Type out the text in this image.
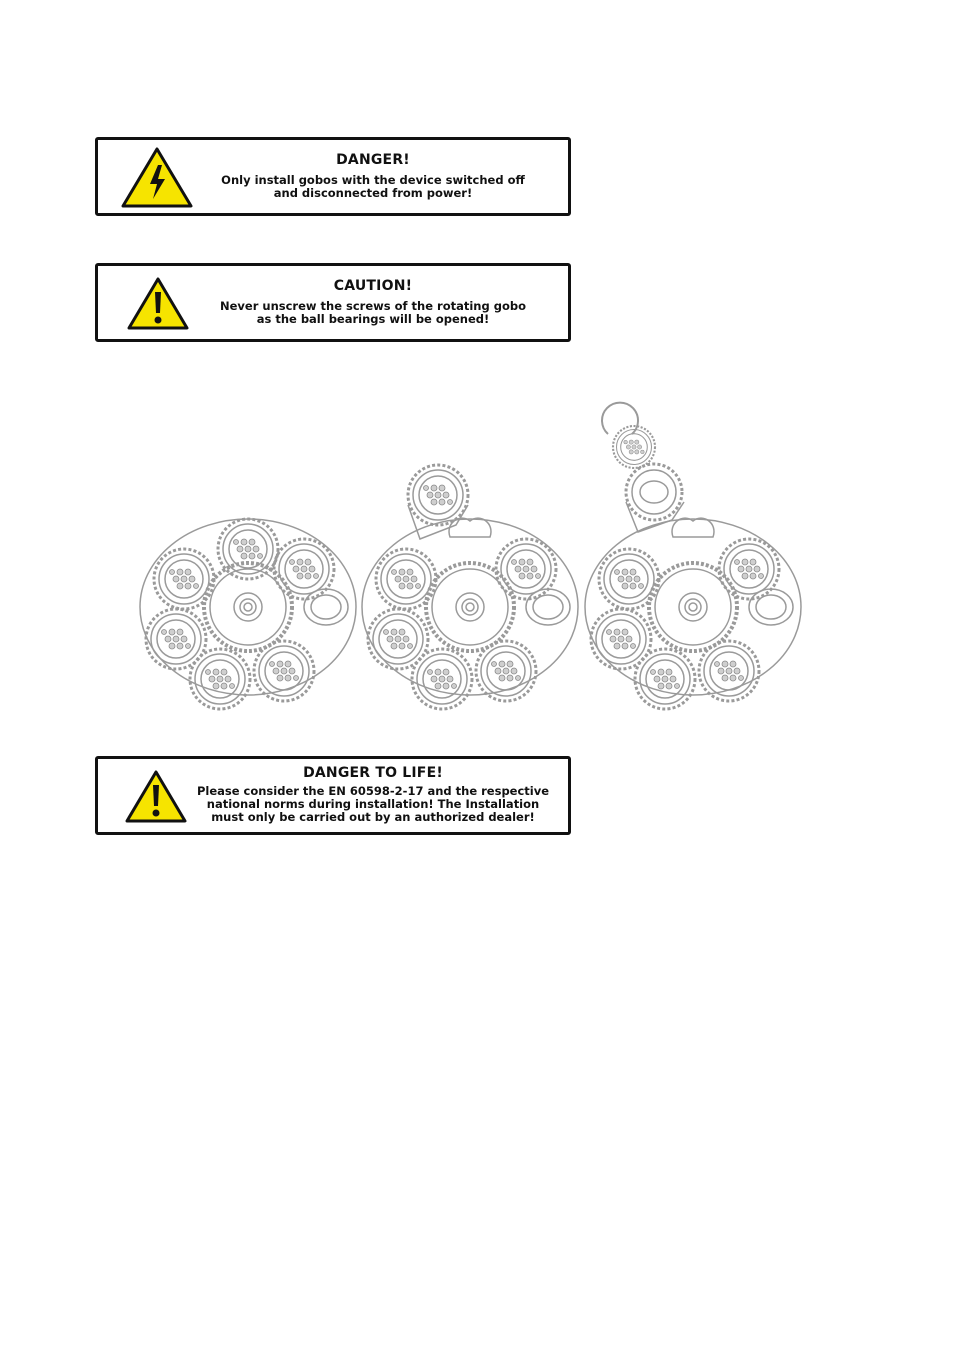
DANGER!
Only install gobos with the device switched off
and disconnected from power!
CAUTION!
Never unscrew the screws of the rotating gobo
as the ball bearings will be opened!
DANGER TO LIFE!
Please consider the EN 60598-2-17 and the respective
national norms during installation! The Installation
must only be carried out by an authorized dealer!
